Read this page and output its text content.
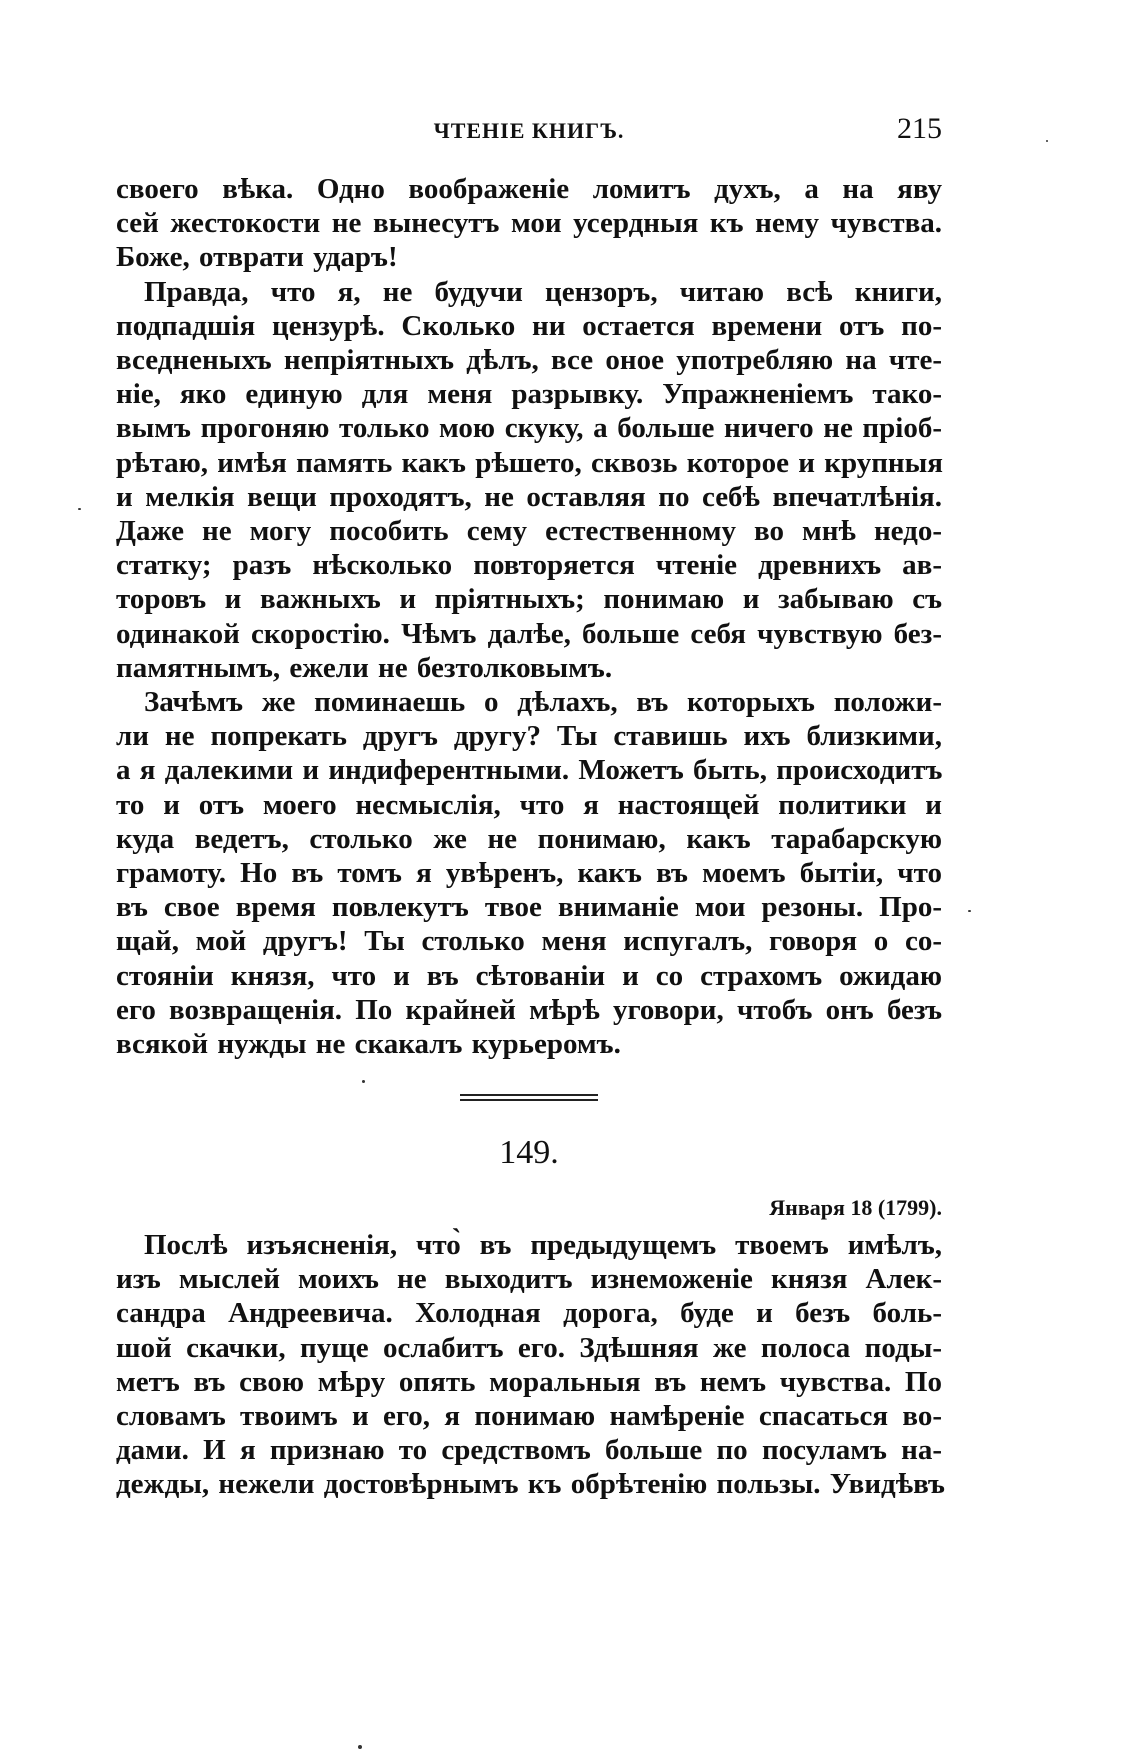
ЧТЕНІЕ КНИГЪ.	215
своего вѣка. Одно воображеніе ломитъ духъ, а на яву
сей жестокости не вынесутъ мои усердныя къ нему чувства.
Боже, отврати ударъ!
Правда, что я, не будучи цензоръ, читаю всѣ книги,
подпадшія цензурѣ. Сколько ни остается времени отъ по-
вседненыхъ непріятныхъ дѣлъ, все оное употребляю на чте-
ніе, яко единую для меня разрывку. Упражненіемъ тако-
вымъ прогоняю только мою скуку, а больше ничего не пріоб-
рѣтаю, имѣя память какъ рѣшето, сквозь которое и крупныя
и мелкія вещи проходятъ, не оставляя по себѣ впечатлѣнія.
Даже не могу пособить сему естественному во мнѣ недо-
статку; разъ нѣсколько повторяется чтеніе древнихъ ав-
торовъ и важныхъ и пріятныхъ; понимаю и забываю съ
одинакой скоростію. Чѣмъ далѣе, больше себя чувствую без-
памятнымъ, ежели не безтолковымъ.
Зачѣмъ же поминаешь о дѣлахъ, въ которыхъ положи-
ли не попрекать другъ другу? Ты ставишь ихъ близкими,
а я далекими и индиферентными. Можетъ быть, происходитъ
то и отъ моего несмыслія, что я настоящей политики и
куда ведетъ, столько же не понимаю, какъ тарабарскую
грамоту. Но въ томъ я увѣренъ, какъ въ моемъ бытіи, что
въ свое время повлекутъ твое вниманіе мои резоны. Про-
щай, мой другъ! Ты столько меня испугалъ, говоря о со-
стояніи князя, что и въ сѣтованіи и со страхомъ ожидаю
его возвращенія. По крайней мѣрѣ уговори, чтобъ онъ безъ
всякой нужды не скакалъ курьеромъ.
149.
Января 18 (1799).
Послѣ изъясненія, что̀ въ предыдущемъ твоемъ имѣлъ,
изъ мыслей моихъ не выходитъ изнеможеніе князя Алек-
сандра Андреевича. Холодная дорога, буде и безъ боль-
шой скачки, пуще ослабитъ его. Здѣшняя же полоса поды-
метъ въ свою мѣру опять моральныя въ немъ чувства. По
словамъ твоимъ и его, я понимаю намѣреніе спасаться во-
дами. И я признаю то средствомъ больше по посуламъ на-
дежды, нежели достовѣрнымъ къ обрѣтенію пользы. Увидѣвъ
